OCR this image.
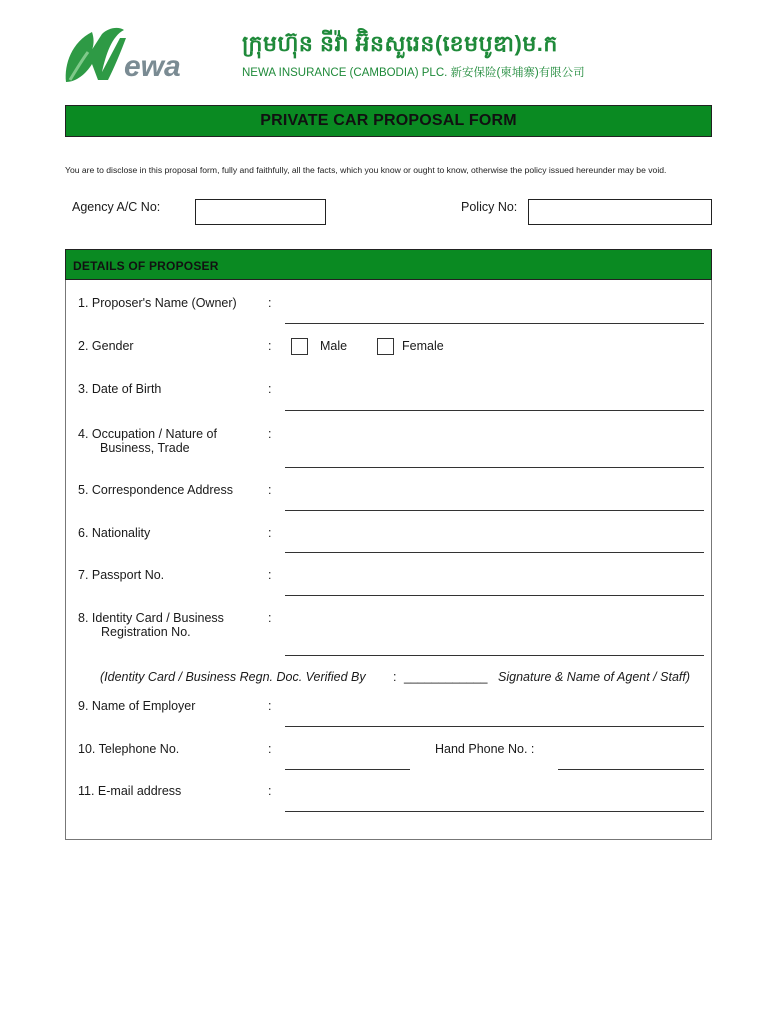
ewa
ក្រុមហ៊ុន នីវ៉ា អ៊ិនសួរេន(ខេមបូឌា)ម.ក
NEWA INSURANCE (CAMBODIA) PLC. 新安保险(柬埔寨)有限公司
PRIVATE CAR PROPOSAL FORM
You are to disclose in this proposal form, fully and faithfully, all the facts, which you know or ought to know, otherwise the policy issued hereunder may be void.
Agency A/C No:	Policy No:
DETAILS OF PROPOSER
1. Proposer's Name (Owner)	:
2. Gender	:	Male	Female
3. Date of Birth	:
4. Occupation / Nature of
Business, Trade
:
5. Correspondence Address	:
6. Nationality	:
7. Passport No.	:
8. Identity Card / Business
Registration No.
:
(Identity Card / Business Regn. Doc. Verified By : ____________ Signature & Name of Agent / Staff)
9. Name of Employer	:
10. Telephone No.	:	Hand Phone No. :
11. E-mail address	:
